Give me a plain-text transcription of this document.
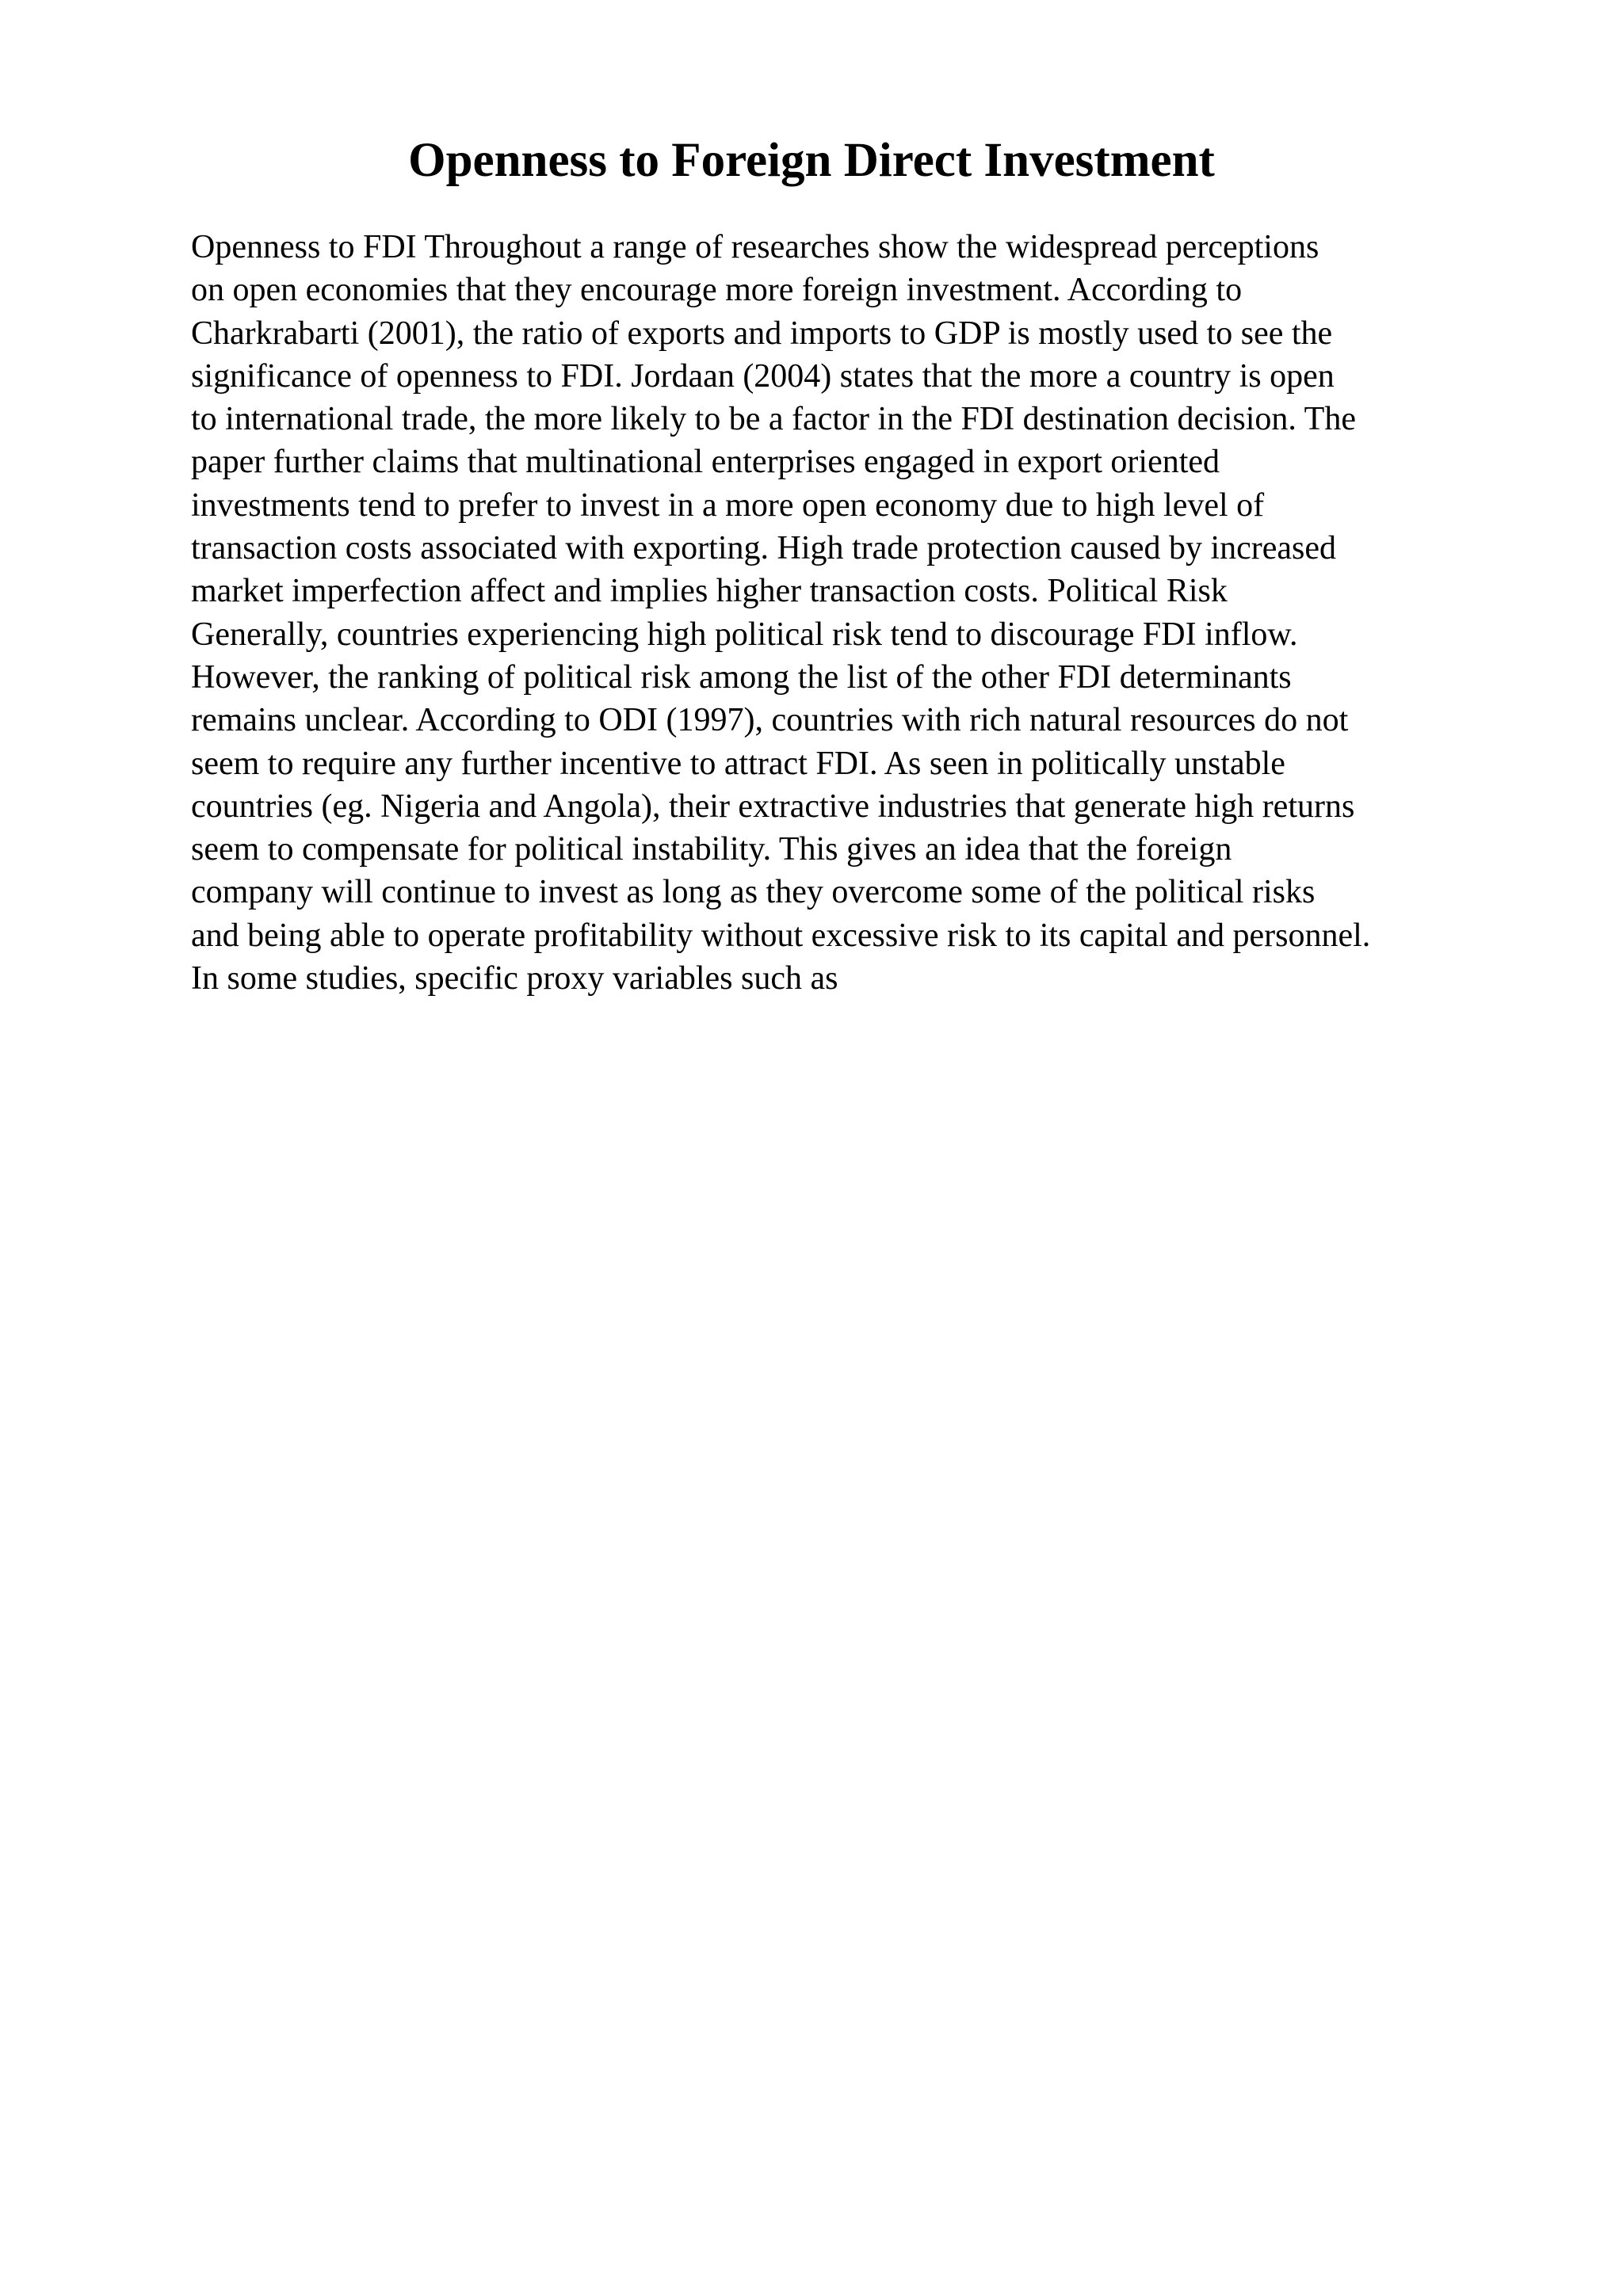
Openness to Foreign Direct Investment
Openness to FDI Throughout a range of researches show the widespread perceptions
on open economies that they encourage more foreign investment. According to
Charkrabarti (2001), the ratio of exports and imports to GDP is mostly used to see the
significance of openness to FDI. Jordaan (2004) states that the more a country is open
to international trade, the more likely to be a factor in the FDI destination decision. The
paper further claims that multinational enterprises engaged in export oriented
investments tend to prefer to invest in a more open economy due to high level of
transaction costs associated with exporting. High trade protection caused by increased
market imperfection affect and implies higher transaction costs. Political Risk
Generally, countries experiencing high political risk tend to discourage FDI inflow.
However, the ranking of political risk among the list of the other FDI determinants
remains unclear. According to ODI (1997), countries with rich natural resources do not
seem to require any further incentive to attract FDI. As seen in politically unstable
countries (eg. Nigeria and Angola), their extractive industries that generate high returns
seem to compensate for political instability. This gives an idea that the foreign
company will continue to invest as long as they overcome some of the political risks
and being able to operate profitability without excessive risk to its capital and personnel.
In some studies, specific proxy variables such as
